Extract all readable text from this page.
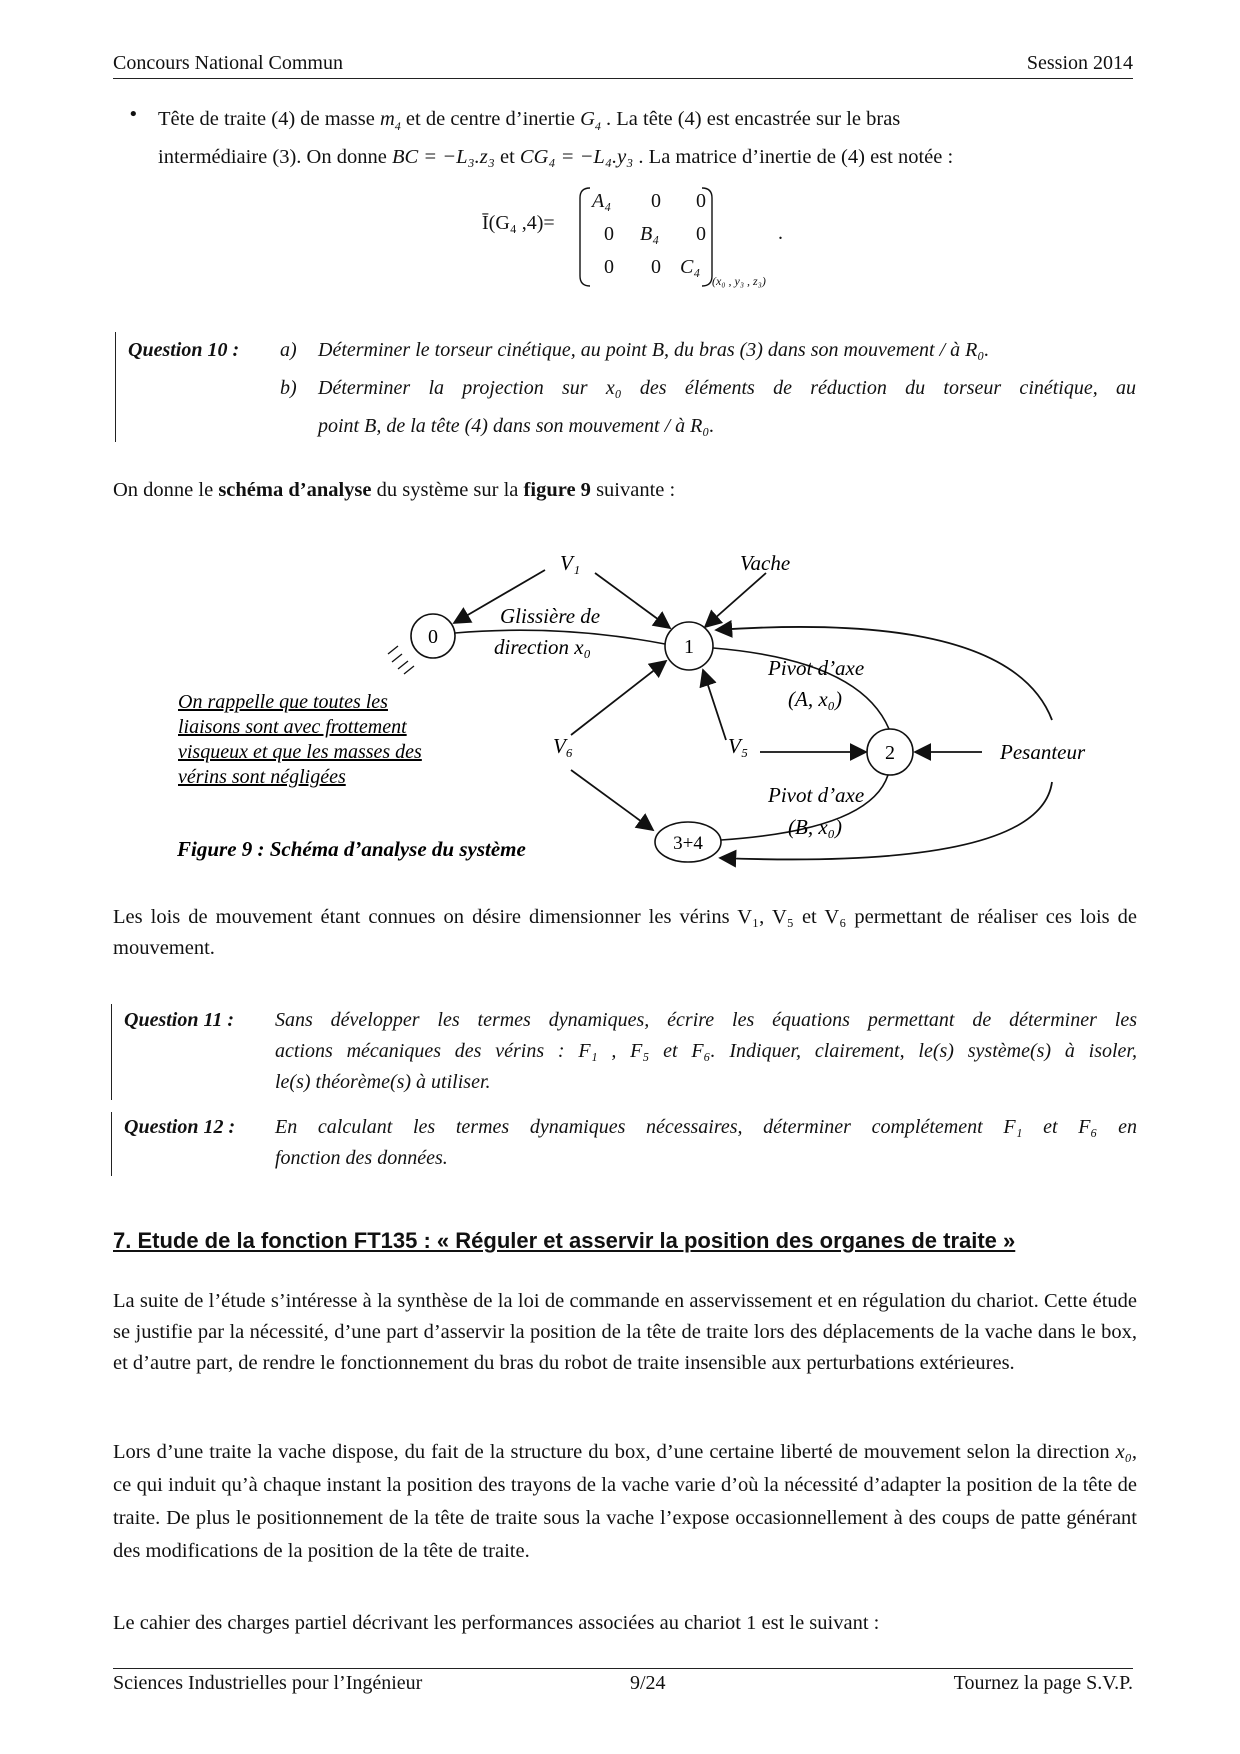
Concours National Commun	Session 2014
• Tête de traite (4) de masse $m_4$ et de centre d’inertie $G_4$ . La tête (4) est encastrée sur le bras
intermédiaire (3). On donne BC = −L₃.z₃ et CG₄ = −L₄.y₃ . La matrice d’inertie de (4) est notée :
Ī(G₄ ,4)=
A₄ 0 0
0 B₄ 0
0 0 C₄
(x₀ , y₃ , z₃)
.
Question 10 : a) Déterminer le torseur cinétique, au point B, du bras (3) dans son mouvement / à R₀.
b) Déterminer la projection sur x₀ des éléments de réduction du torseur cinétique, au
point B, de la tête (4) dans son mouvement / à R₀.
On donne le schéma d’analyse du système sur la figure 9 suivante :
0	1
2
3+4
V₁	Vache
Glissière de
direction x₀
Pivot d’axe
(A, x₀)
V₆	V₅	Pesanteur
Pivot d’axe
(B, x₀)
On rappelle que toutes les
liaisons sont avec frottement
visqueux et que les masses des
vérins sont négligées
Figure 9 : Schéma d’analyse du système
Les lois de mouvement étant connues on désire dimensionner les vérins V₁, V₅ et V₆ permettant de réaliser ces lois de mouvement.
Question 11 : Sans développer les termes dynamiques, écrire les équations permettant de déterminer les
actions mécaniques des vérins : F₁ , F₅ et F₆. Indiquer, clairement, le(s) système(s) à isoler,
le(s) théorème(s) à utiliser.
Question 12 : En calculant les termes dynamiques nécessaires, déterminer complétement F₁ et F₆ en
fonction des données.
7. Etude de la fonction FT135 : « Réguler et asservir la position des organes de traite »
La suite de l’étude s’intéresse à la synthèse de la loi de commande en asservissement et en régulation du chariot. Cette étude se justifie par la nécessité, d’une part d’asservir la position de la tête de traite lors des déplacements de la vache dans le box, et d’autre part, de rendre le fonctionnement du bras du robot de traite insensible aux perturbations extérieures.
Lors d’une traite la vache dispose, du fait de la structure du box, d’une certaine liberté de mouvement selon la direction x₀, ce qui induit qu’à chaque instant la position des trayons de la vache varie d’où la nécessité d’adapter la position de la tête de traite. De plus le positionnement de la tête de traite sous la vache l’expose occasionnellement à des coups de patte générant des modifications de la position de la tête de traite.
Le cahier des charges partiel décrivant les performances associées au chariot 1 est le suivant :
Sciences Industrielles pour l’Ingénieur	9/24	Tournez la page S.V.P.
